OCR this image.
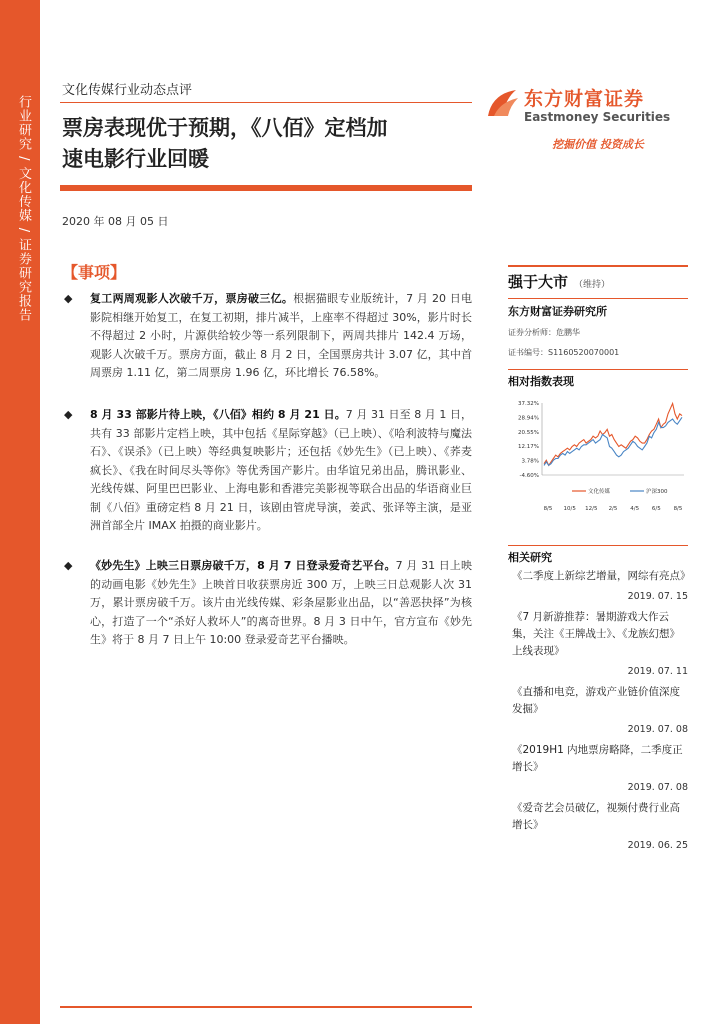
行业研究 / 文化传媒 / 证券研究报告
文化传媒行业动态点评
票房表现优于预期，《八佰》定档加
速电影行业回暖
2020 年 08 月 05 日
【事项】
◆ 复工两周观影人次破千万，票房破三亿。根据猫眼专业版统计，7 月 20 日电影院相继开始复工，在复工初期，排片减半，上座率不得超过 30%，影片时长不得超过 2 小时，片源供给较少等一系列限制下，两周共排片 142.4 万场，观影人次破千万。票房方面，截止 8 月 2 日，全国票房共计 3.07 亿，其中首周票房 1.11 亿，第二周票房 1.96 亿，环比增长 76.58%。
◆ 8 月 33 部影片待上映，《八佰》相约 8 月 21 日。7 月 31 日至 8 月 1 日，共有 33 部影片定档上映，其中包括《星际穿越》（已上映）、《哈利波特与魔法石》、《误杀》（已上映）等经典复映影片；还包括《妙先生》（已上映）、《荞麦疯长》、《我在时间尽头等你》等优秀国产影片。由华谊兄弟出品，腾讯影业、光线传媒、阿里巴巴影业、上海电影和香港完美影视等联合出品的华语商业巨制《八佰》重磅定档 8 月 21 日，该剧由管虎导演，姜武、张译等主演，是亚洲首部全片 IMAX 拍摄的商业影片。
◆ 《妙先生》上映三日票房破千万，8 月 7 日登录爱奇艺平台。7 月 31 日上映的动画电影《妙先生》上映首日收获票房近 300 万，上映三日总观影人次 31 万，累计票房破千万。该片由光线传媒、彩条屋影业出品，以“善恶抉择”为核心，打造了一个“杀好人救坏人”的离奇世界。8 月 3 日中午，官方宣布《妙先生》将于 8 月 7 日上午 10:00 登录爱奇艺平台播映。
东方财富证券
Eastmoney Securities
挖掘价值 投资成长
强于大市 （维持）
东方财富证券研究所
证券分析师：危鹏华
证书编号：S1160520070001
相对指数表现
37.32%
28.94%
20.55%
12.17%
3.78%
-4.60%
8/5 10/5 12/5 2/5 4/5 6/5 8/5
文化传媒	沪深300
相关研究
《二季度上新综艺增量，网综有亮点》
2019. 07. 15
《7 月新游推荐：暑期游戏大作云集，关注《王牌战士》、《龙族幻想》上线表现》
2019. 07. 11
《直播和电竞，游戏产业链价值深度发掘》
2019. 07. 08
《2019H1 内地票房略降，二季度正增长》
2019. 07. 08
《爱奇艺会员破亿，视频付费行业高增长》
2019. 06. 25
